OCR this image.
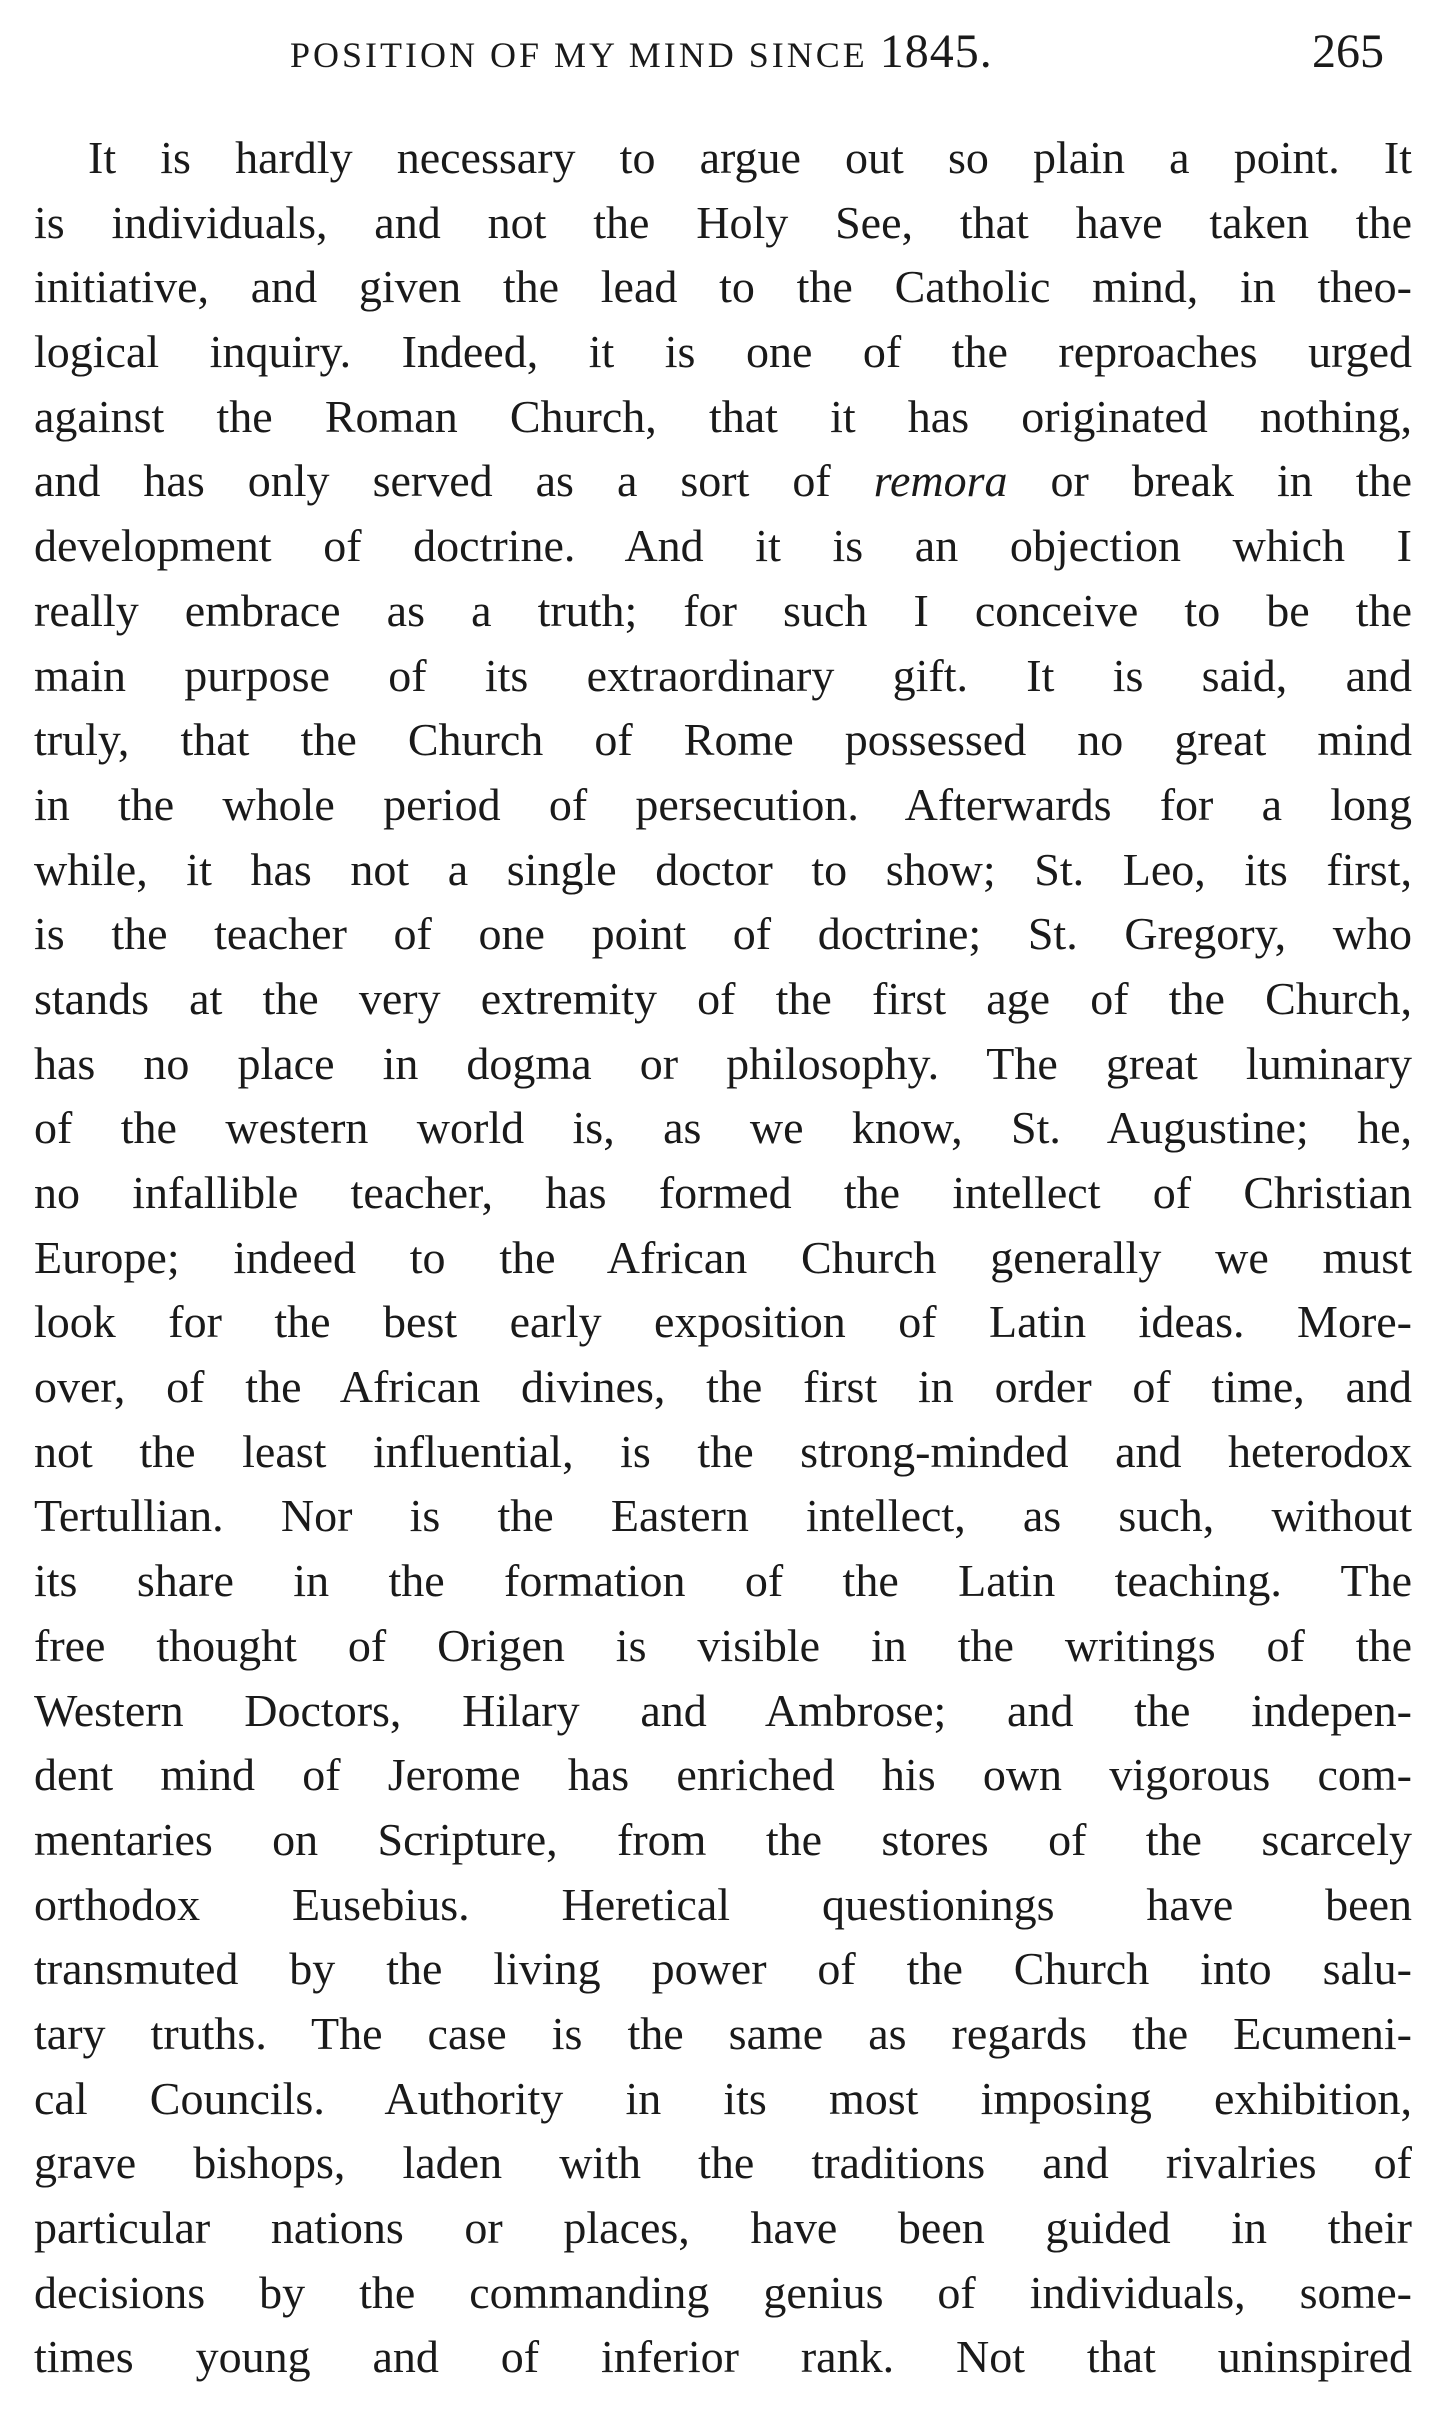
POSITION OF MY MIND SINCE 1845.	265
It is hardly necessary to argue out so plain a point. It
is individuals, and not the Holy See, that have taken the
initiative, and given the lead to the Catholic mind, in theo-
logical inquiry. Indeed, it is one of the reproaches urged
against the Roman Church, that it has originated nothing,
and has only served as a sort of remora or break in the
development of doctrine. And it is an objection which I
really embrace as a truth; for such I conceive to be the
main purpose of its extraordinary gift. It is said, and
truly, that the Church of Rome possessed no great mind
in the whole period of persecution. Afterwards for a long
while, it has not a single doctor to show; St. Leo, its first,
is the teacher of one point of doctrine; St. Gregory, who
stands at the very extremity of the first age of the Church,
has no place in dogma or philosophy. The great luminary
of the western world is, as we know, St. Augustine; he,
no infallible teacher, has formed the intellect of Christian
Europe; indeed to the African Church generally we must
look for the best early exposition of Latin ideas. More-
over, of the African divines, the first in order of time, and
not the least influential, is the strong-minded and heterodox
Tertullian. Nor is the Eastern intellect, as such, without
its share in the formation of the Latin teaching. The
free thought of Origen is visible in the writings of the
Western Doctors, Hilary and Ambrose; and the indepen-
dent mind of Jerome has enriched his own vigorous com-
mentaries on Scripture, from the stores of the scarcely
orthodox Eusebius. Heretical questionings have been
transmuted by the living power of the Church into salu-
tary truths. The case is the same as regards the Ecumeni-
cal Councils. Authority in its most imposing exhibition,
grave bishops, laden with the traditions and rivalries of
particular nations or places, have been guided in their
decisions by the commanding genius of individuals, some-
times young and of inferior rank. Not that uninspired
